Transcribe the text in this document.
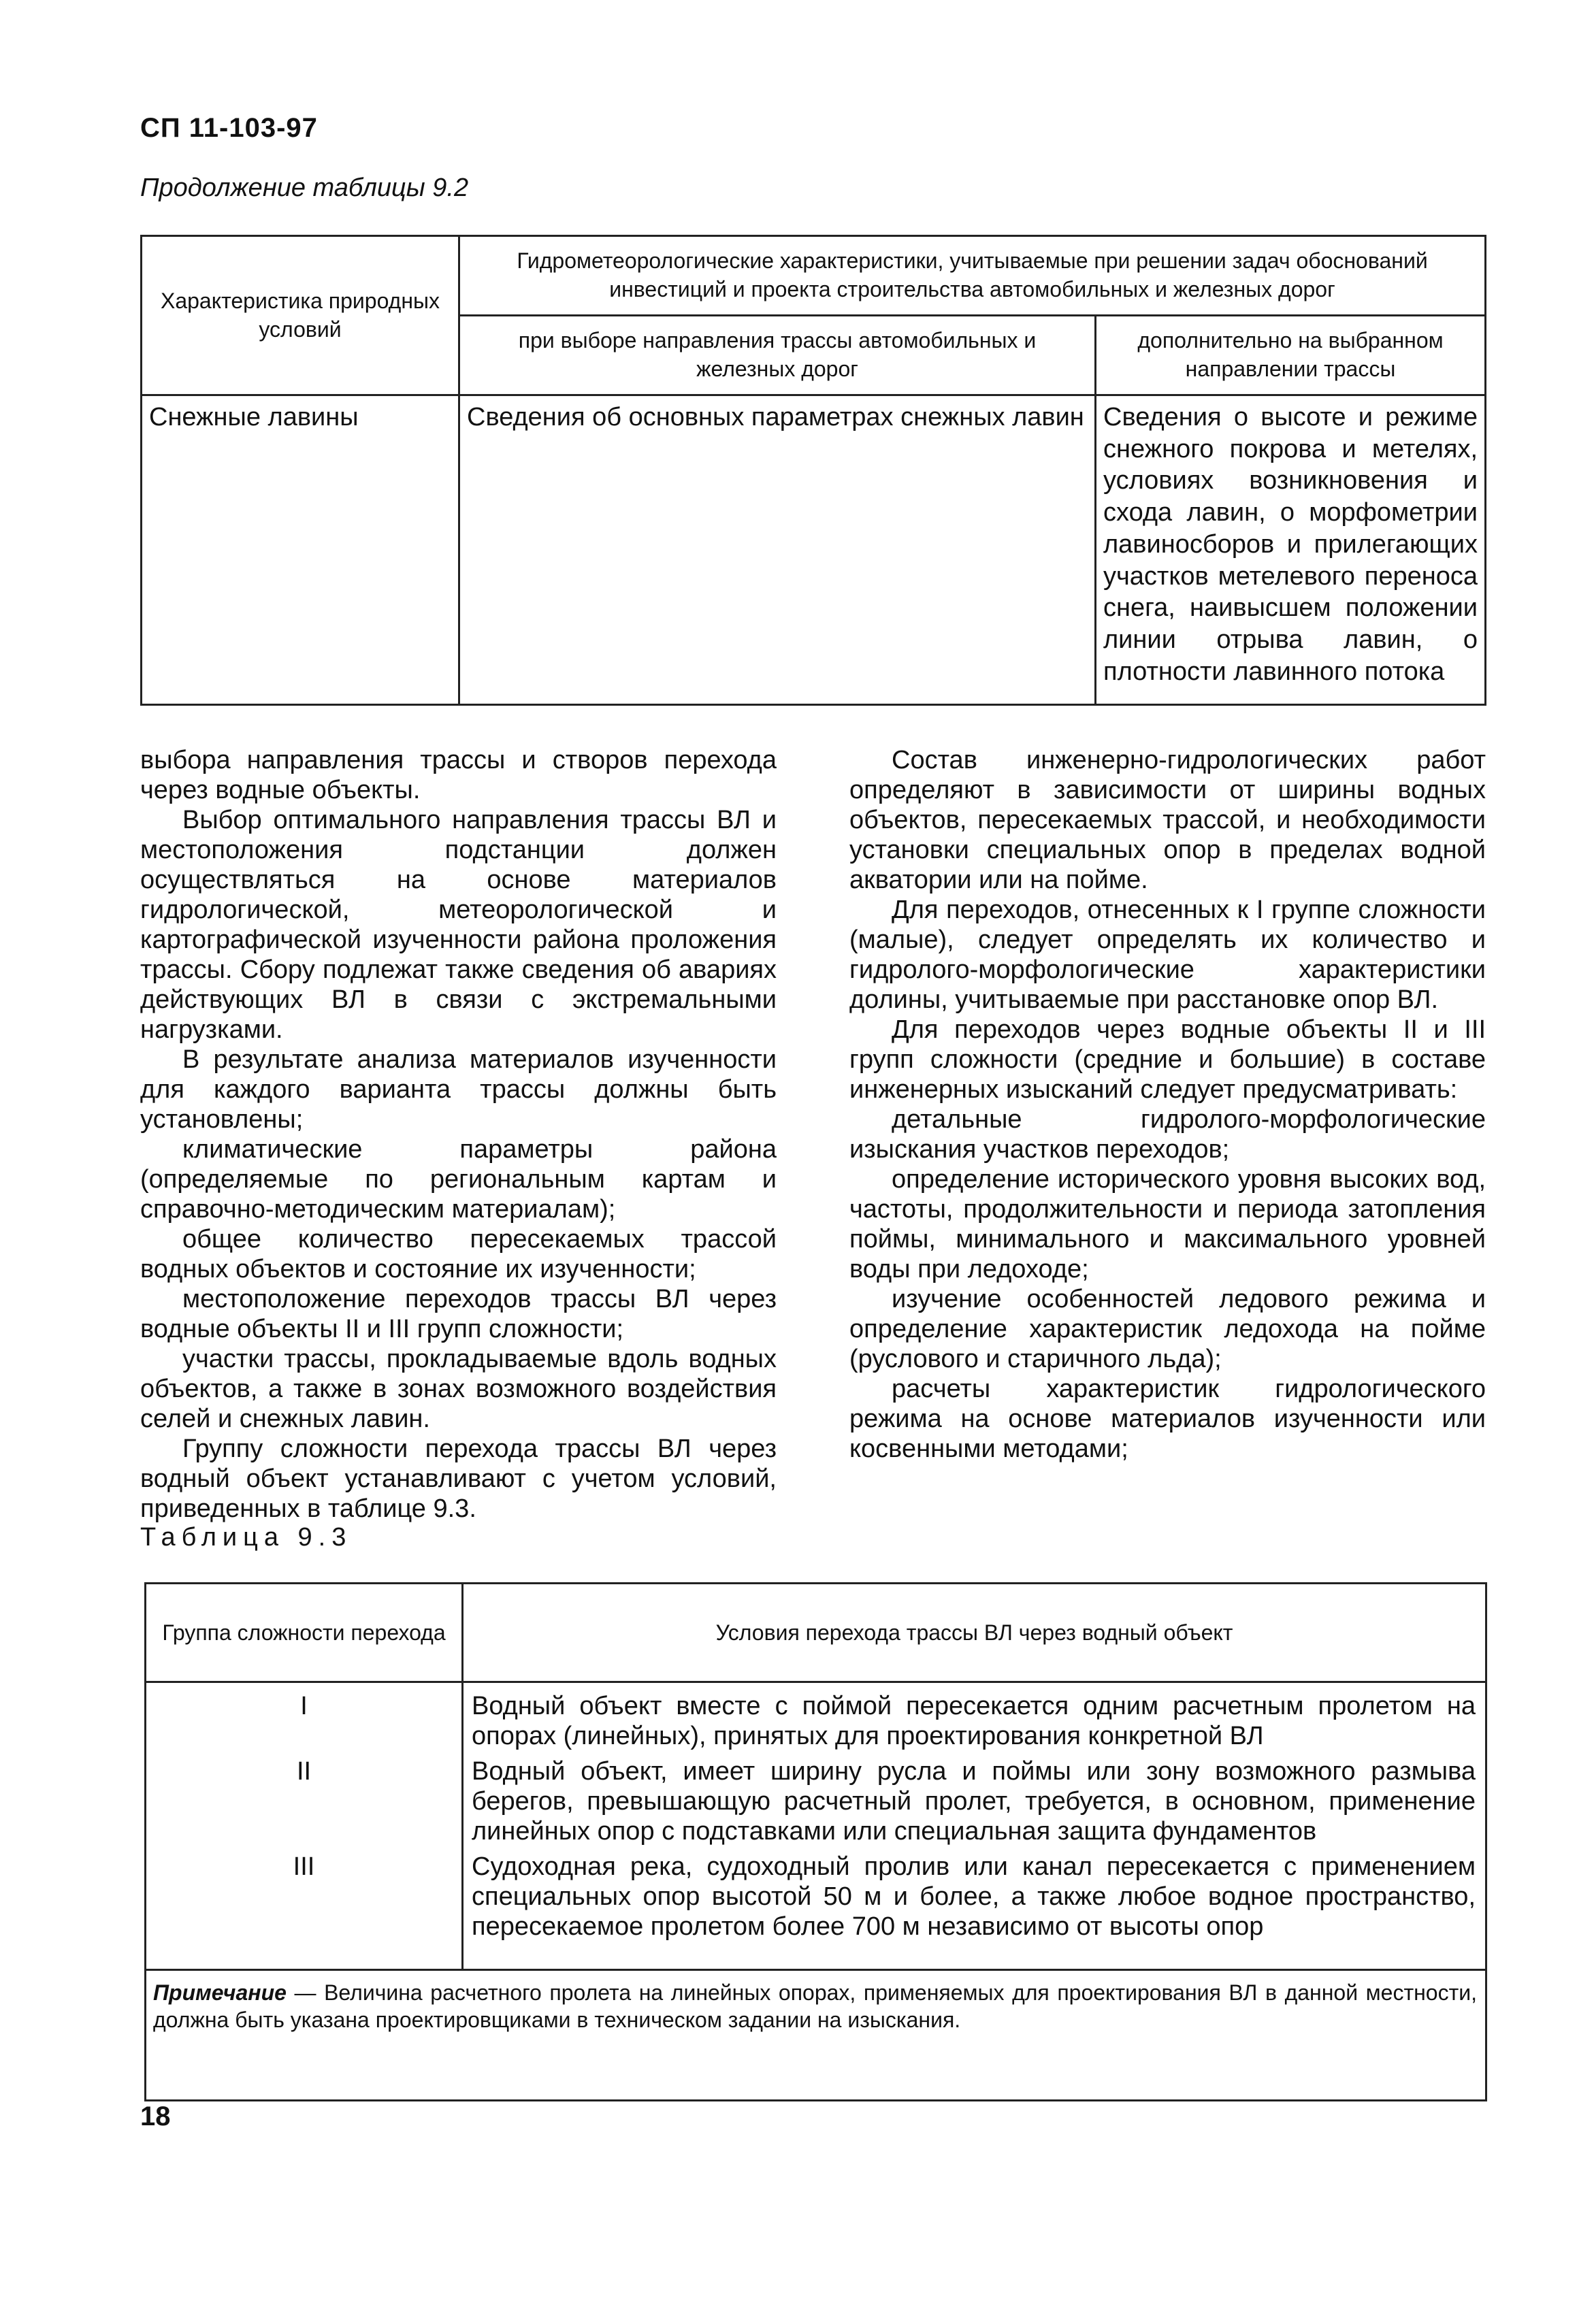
СП 11-103-97
Продолжение таблицы 9.2
Характеристика природных условий	Гидрометеорологические характеристики, учитываемые при решении задач обоснований инвестиций и проекта строительства автомобильных и железных дорог	
	при выборе направления трассы автомобильных и железных дорог	дополнительно на выбранном направлении трассы
Снежные лавины	Сведения об основных параметрах снежных лавин	Сведения о высоте и режиме снежного покрова и метелях, условиях возникновения и схода лавин, о морфометрии лавиносборов и прилегающих участков метелевого переноса снега, наивысшем положении линии отрыва лавин, о плотности лавинного потока

выбора направления трассы и створов перехода через водные объекты.

Выбор оптимального направления трассы ВЛ и местоположения подстанции должен осуществляться на основе материалов гидрологической, метеорологической и картографической изученности района проложения трассы. Сбору подлежат также сведения об авариях действующих ВЛ в связи с экстремальными нагрузками.

В результате анализа материалов изученности для каждого варианта трассы должны быть установлены;

климатические параметры района (определяемые по региональным картам и справочно-методическим материалам);

общее количество пересекаемых трассой водных объектов и состояние их изученности;

местоположение переходов трассы ВЛ через водные объекты II и III групп сложности;

участки трассы, прокладываемые вдоль водных объектов, а также в зонах возможного воздействия селей и снежных лавин.

Группу сложности перехода трассы ВЛ через водный объект устанавливают с учетом условий, приведенных в таблице 9.3.

Состав инженерно-гидрологических работ определяют в зависимости от ширины водных объектов, пересекаемых трассой, и необходимости установки специальных опор в пределах водной акватории или на пойме.

Для переходов, отнесенных к I группе сложности (малые), следует определять их количество и гидролого-морфологические характеристики долины, учитываемые при расстановке опор ВЛ.

Для переходов через водные объекты II и III групп сложности (средние и большие) в составе инженерных изысканий следует предусматривать:

детальные гидролого-морфологические изыскания участков переходов;

определение исторического уровня высоких вод, частоты, продолжительности и периода затопления поймы, минимального и максимального уровней воды при ледоходе;

изучение особенностей ледового режима и определение характеристик ледохода на пойме (руслового и старичного льда);

расчеты характеристик гидрологического режима на основе материалов изученности или косвенными методами;

Таблица 9.3
Группа сложности перехода	Условия перехода трассы ВЛ через водный объект
I	Водный объект вместе с поймой пересекается одним расчетным пролетом на опорах (линейных), принятых для проектирования конкретной ВЛ
II	Водный объект, имеет ширину русла и поймы или зону возможного размыва берегов, превышающую расчетный пролет, требуется, в основном, применение линейных опор с подставками или специальная защита фундаментов
III	Судоходная река, судоходный пролив или канал пересекается с применением специальных опор высотой 50 м и более, а также любое водное пространство, пересекаемое пролетом более 700 м независимо от высоты опор
Примечание — Величина расчетного пролета на линейных опорах, применяемых для проектирования ВЛ в данной местности, должна быть указана проектировщиками в техническом задании на изыскания.
18
